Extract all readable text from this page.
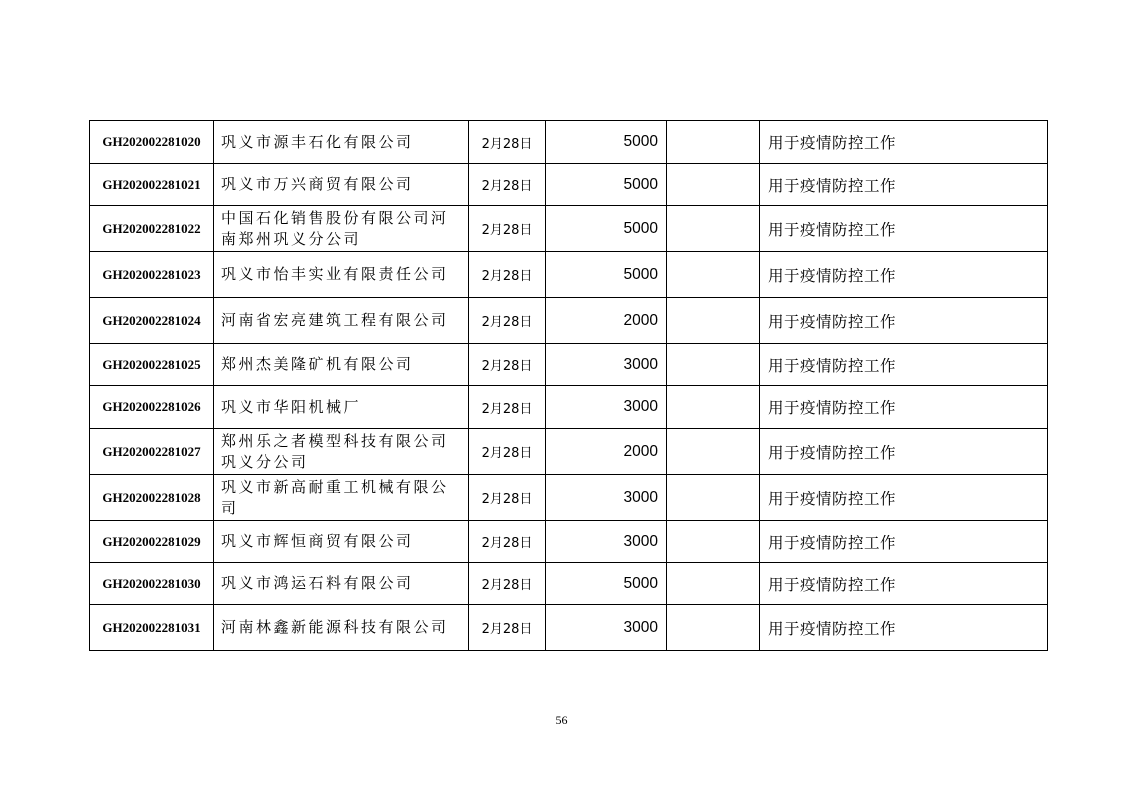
GH202002281020	巩义市源丰石化有限公司	2月28日	5000		用于疫情防控工作
GH202002281021	巩义市万兴商贸有限公司	2月28日	5000		用于疫情防控工作
GH202002281022	中国石化销售股份有限公司河南郑州巩义分公司	2月28日	5000		用于疫情防控工作
GH202002281023	巩义市怡丰实业有限责任公司	2月28日	5000		用于疫情防控工作
GH202002281024	河南省宏亮建筑工程有限公司	2月28日	2000		用于疫情防控工作
GH202002281025	郑州杰美隆矿机有限公司	2月28日	3000		用于疫情防控工作
GH202002281026	巩义市华阳机械厂	2月28日	3000		用于疫情防控工作
GH202002281027	郑州乐之者模型科技有限公司巩义分公司	2月28日	2000		用于疫情防控工作
GH202002281028	巩义市新高耐重工机械有限公司	2月28日	3000		用于疫情防控工作
GH202002281029	巩义市辉恒商贸有限公司	2月28日	3000		用于疫情防控工作
GH202002281030	巩义市鸿运石料有限公司	2月28日	5000		用于疫情防控工作
GH202002281031	河南林鑫新能源科技有限公司	2月28日	3000		用于疫情防控工作
56
